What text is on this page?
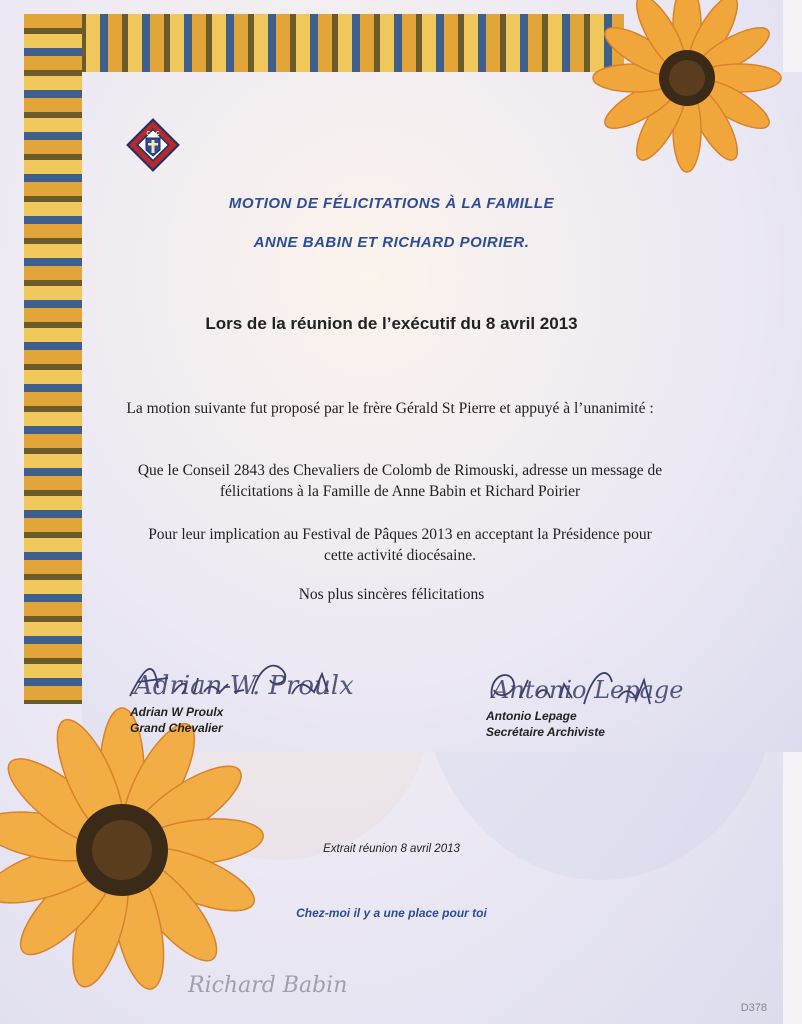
CdeC
MOTION DE FÉLICITATIONS À LA FAMILLE
ANNE BABIN ET RICHARD POIRIER.
Lors de la réunion de l’exécutif du 8 avril 2013
La motion suivante fut proposé par le frère Gérald St Pierre et appuyé à l’unanimité :
Que le Conseil 2843 des Chevaliers de Colomb de Rimouski, adresse un message de félicitations à la Famille de Anne Babin et Richard Poirier
Pour leur implication au Festival de Pâques 2013 en acceptant la Présidence pour cette activité diocésaine.
Nos plus sincères félicitations
Adrian-W. Proulx
Adrian W Proulx
Grand Chevalier
Antonio Lepage
Antonio Lepage
Secrétaire Archiviste
Extrait réunion 8 avril 2013
Chez-moi il y a une place pour toi
Richard Babin
D378
